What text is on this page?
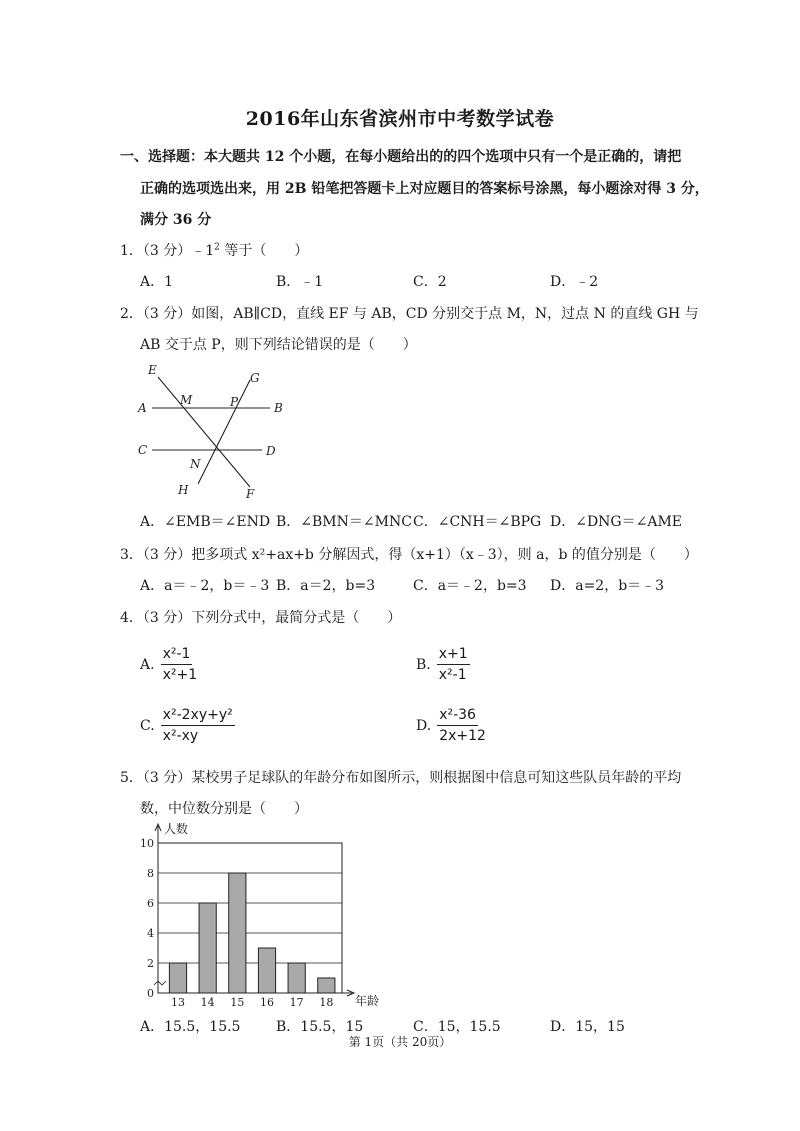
2016年山东省滨州市中考数学试卷
一、选择题：本大题共 12 个小题，在每小题给出的的四个选项中只有一个是正确的，请把
正确的选项选出来，用 2B 铅笔把答题卡上对应题目的答案标号涂黑，每小题涂对得 3 分，
满分 36 分
1．（3 分）$﹣1^2$ 等于（　　）
A．1	B．﹣1	C．2	D．﹣2
2．（3 分）如图，AB∥CD，直线 EF 与 AB，CD 分别交于点 M，N，过点 N 的直线 GH 与
AB 交于点 P，则下列结论错误的是（　　）
E
M	P
G
A	B
C
N
D
H	F
A．∠EMB＝∠END B．∠BMN＝∠MNC C．∠CNH＝∠BPG D．∠DNG＝∠AME
3．（3 分）把多项式 x²+ax+b 分解因式，得（x+1）（x﹣3），则 a，b 的值分别是（　　）
A．a＝﹣2，b＝﹣3 B．a＝2，b=3	C．a＝﹣2，b=3 D．a=2，b＝﹣3
4．（3 分）下列分式中，最简分式是（　　）
A. $\frac{\text{x²-1}}{\text{x²+1}}$	B. $\frac{x+1}{\text{x²-1}}$
C. $\frac{\text{x²-2xy+y²}}{\text{x²-xy}}$	D. $\frac{\text{x²-36}}{2x+12}$
5．（3 分）某校男子足球队的年龄分布如图所示，则根据图中信息可知这些队员年龄的平均
数，中位数分别是（　　）
0
2
4
6
8
10
人数
年龄
13 14 15 16 17 18
A．15.5，15.5	B．15.5，15	C．15，15.5	D．15，15
第 1页（共 20页）
